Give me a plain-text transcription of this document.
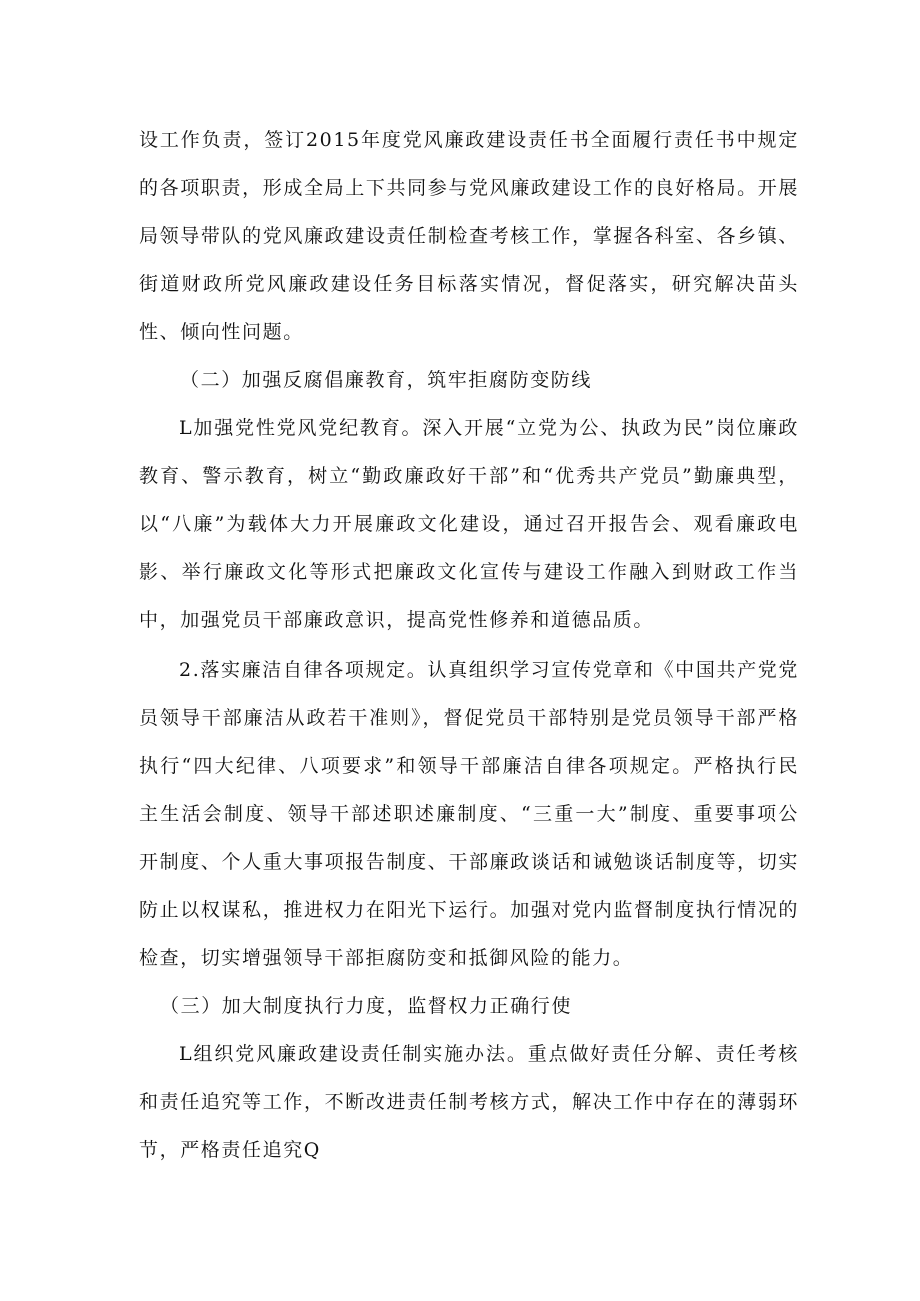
设工作负责，签订2015年度党风廉政建设责任书全面履行责任书中规定的各项职责，形成全局上下共同参与党风廉政建设工作的良好格局。开展局领导带队的党风廉政建设责任制检查考核工作，掌握各科室、各乡镇、街道财政所党风廉政建设任务目标落实情况，督促落实，研究解决苗头性、倾向性问题。

（二）加强反腐倡廉教育，筑牢拒腐防变防线

L加强党性党风党纪教育。深入开展“立党为公、执政为民”岗位廉政教育、警示教育，树立“勤政廉政好干部”和“优秀共产党员”勤廉典型，以“八廉”为载体大力开展廉政文化建设，通过召开报告会、观看廉政电影、举行廉政文化等形式把廉政文化宣传与建设工作融入到财政工作当中，加强党员干部廉政意识，提高党性修养和道德品质。

2.落实廉洁自律各项规定。认真组织学习宣传党章和《中国共产党党员领导干部廉洁从政若干准则》，督促党员干部特别是党员领导干部严格执行“四大纪律、八项要求”和领导干部廉洁自律各项规定。严格执行民主生活会制度、领导干部述职述廉制度、“三重一大”制度、重要事项公开制度、个人重大事项报告制度、干部廉政谈话和诫勉谈话制度等，切实防止以权谋私，推进权力在阳光下运行。加强对党内监督制度执行情况的检查，切实增强领导干部拒腐防变和抵御风险的能力。

（三）加大制度执行力度，监督权力正确行使

L组织党风廉政建设责任制实施办法。重点做好责任分解、责任考核和责任追究等工作，不断改进责任制考核方式，解决工作中存在的薄弱环节，严格责任追究Q
